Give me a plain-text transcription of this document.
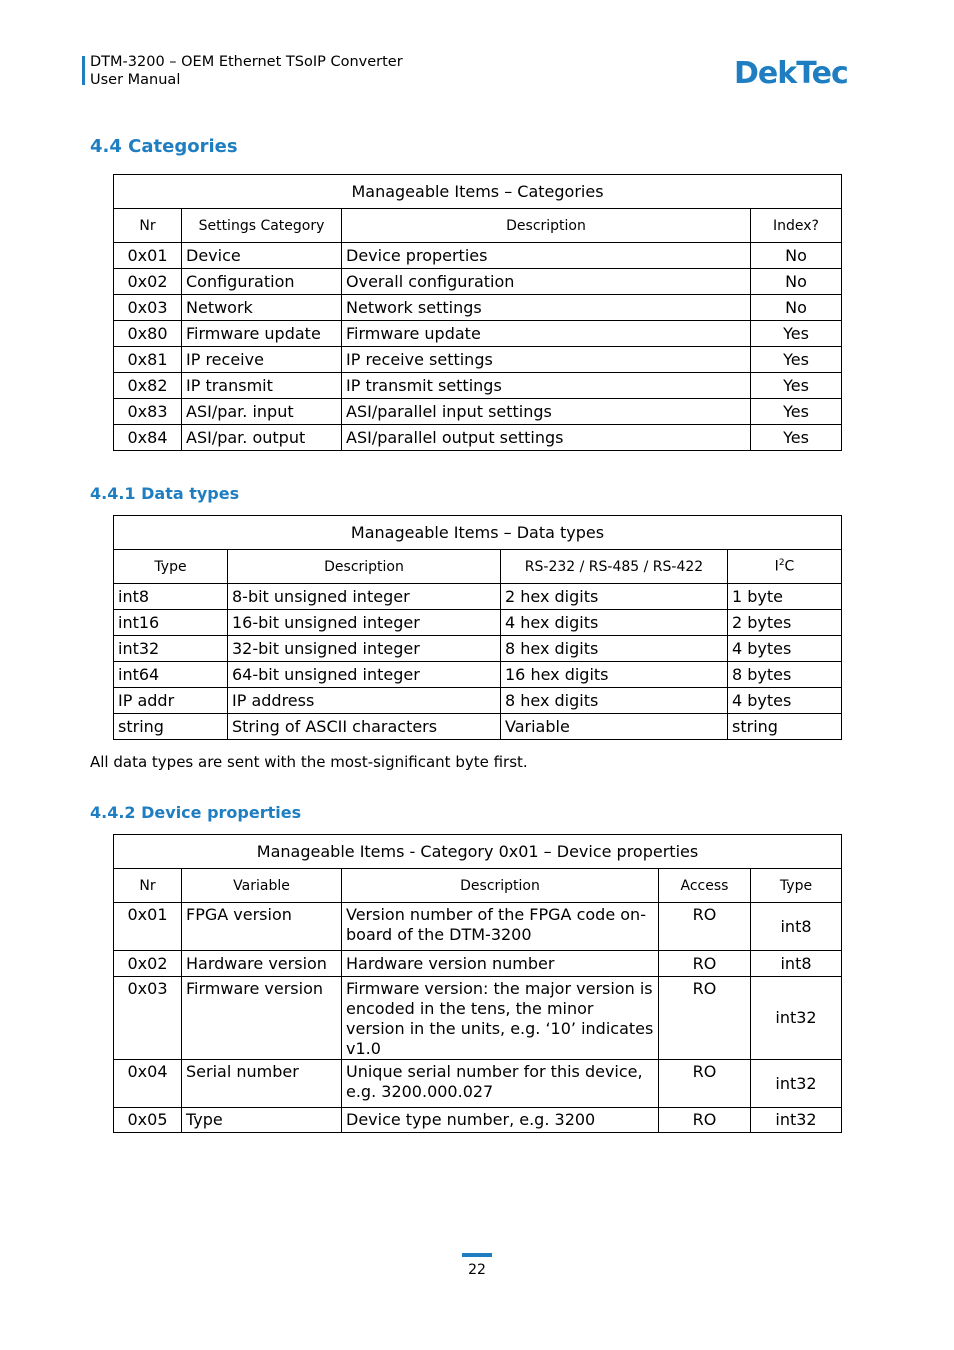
DTM-3200 – OEM Ethernet TSoIP Converter
User Manual	DekTec
4.4 Categories
Manageable Items – Categories			
Nr	Settings Category	Description	Index?
0x01	Device	Device properties	No
0x02	Configuration	Overall configuration	No
0x03	Network	Network settings	No
0x80	Firmware update	Firmware update	Yes
0x81	IP receive	IP receive settings	Yes
0x82	IP transmit	IP transmit settings	Yes
0x83	ASI/par. input	ASI/parallel input settings	Yes
0x84	ASI/par. output	ASI/parallel output settings	Yes
4.4.1 Data types
Manageable Items – Data types			
Type	Description	RS-232 / RS-485 / RS-422	$I^2C$
int8	8-bit unsigned integer	2 hex digits	1 byte
int16	16-bit unsigned integer	4 hex digits	2 bytes
int32	32-bit unsigned integer	8 hex digits	4 bytes
int64	64-bit unsigned integer	16 hex digits	8 bytes
IP addr	IP address	8 hex digits	4 bytes
string	String of ASCII characters	Variable	string
All data types are sent with the most-significant byte first.
4.4.2 Device properties
Manageable Items - Category 0x01 – Device properties				
Nr	Variable	Description	Access	Type
0x01	FPGA version	Version number of the FPGA code on-board of the DTM-3200	RO	int8
0x02	Hardware version	Hardware version number	RO	int8
0x03	Firmware version	Firmware version: the major version is encoded in the tens, the minor version in the units, e.g. ‘10’ indicates v1.0	RO	int32
0x04	Serial number	Unique serial number for this device, e.g. 3200.000.027	RO	int32
0x05	Type	Device type number, e.g. 3200	RO	int32
22
